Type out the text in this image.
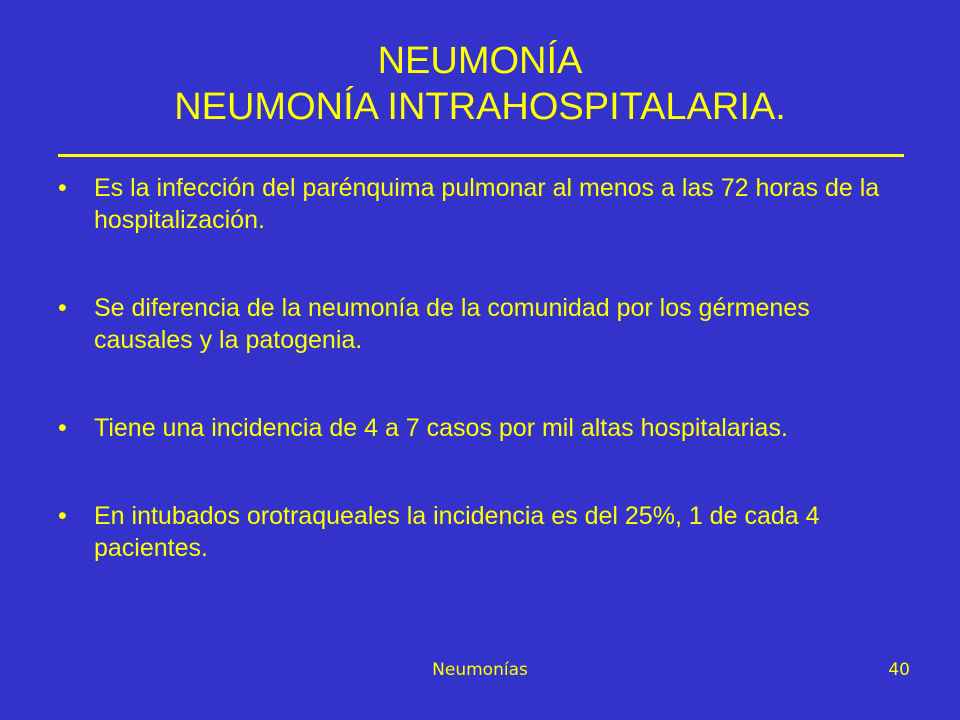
NEUMONÍA
NEUMONÍA INTRAHOSPITALARIA.
• Es la infección del parénquima pulmonar al menos a las 72 horas de la hospitalización.
• Se diferencia de la neumonía de la comunidad por los gérmenes causales y la patogenia.
• Tiene una incidencia de 4 a 7 casos por mil altas hospitalarias.
• En intubados orotraqueales la incidencia es del 25%, 1 de cada 4 pacientes.
Neumonías	40
